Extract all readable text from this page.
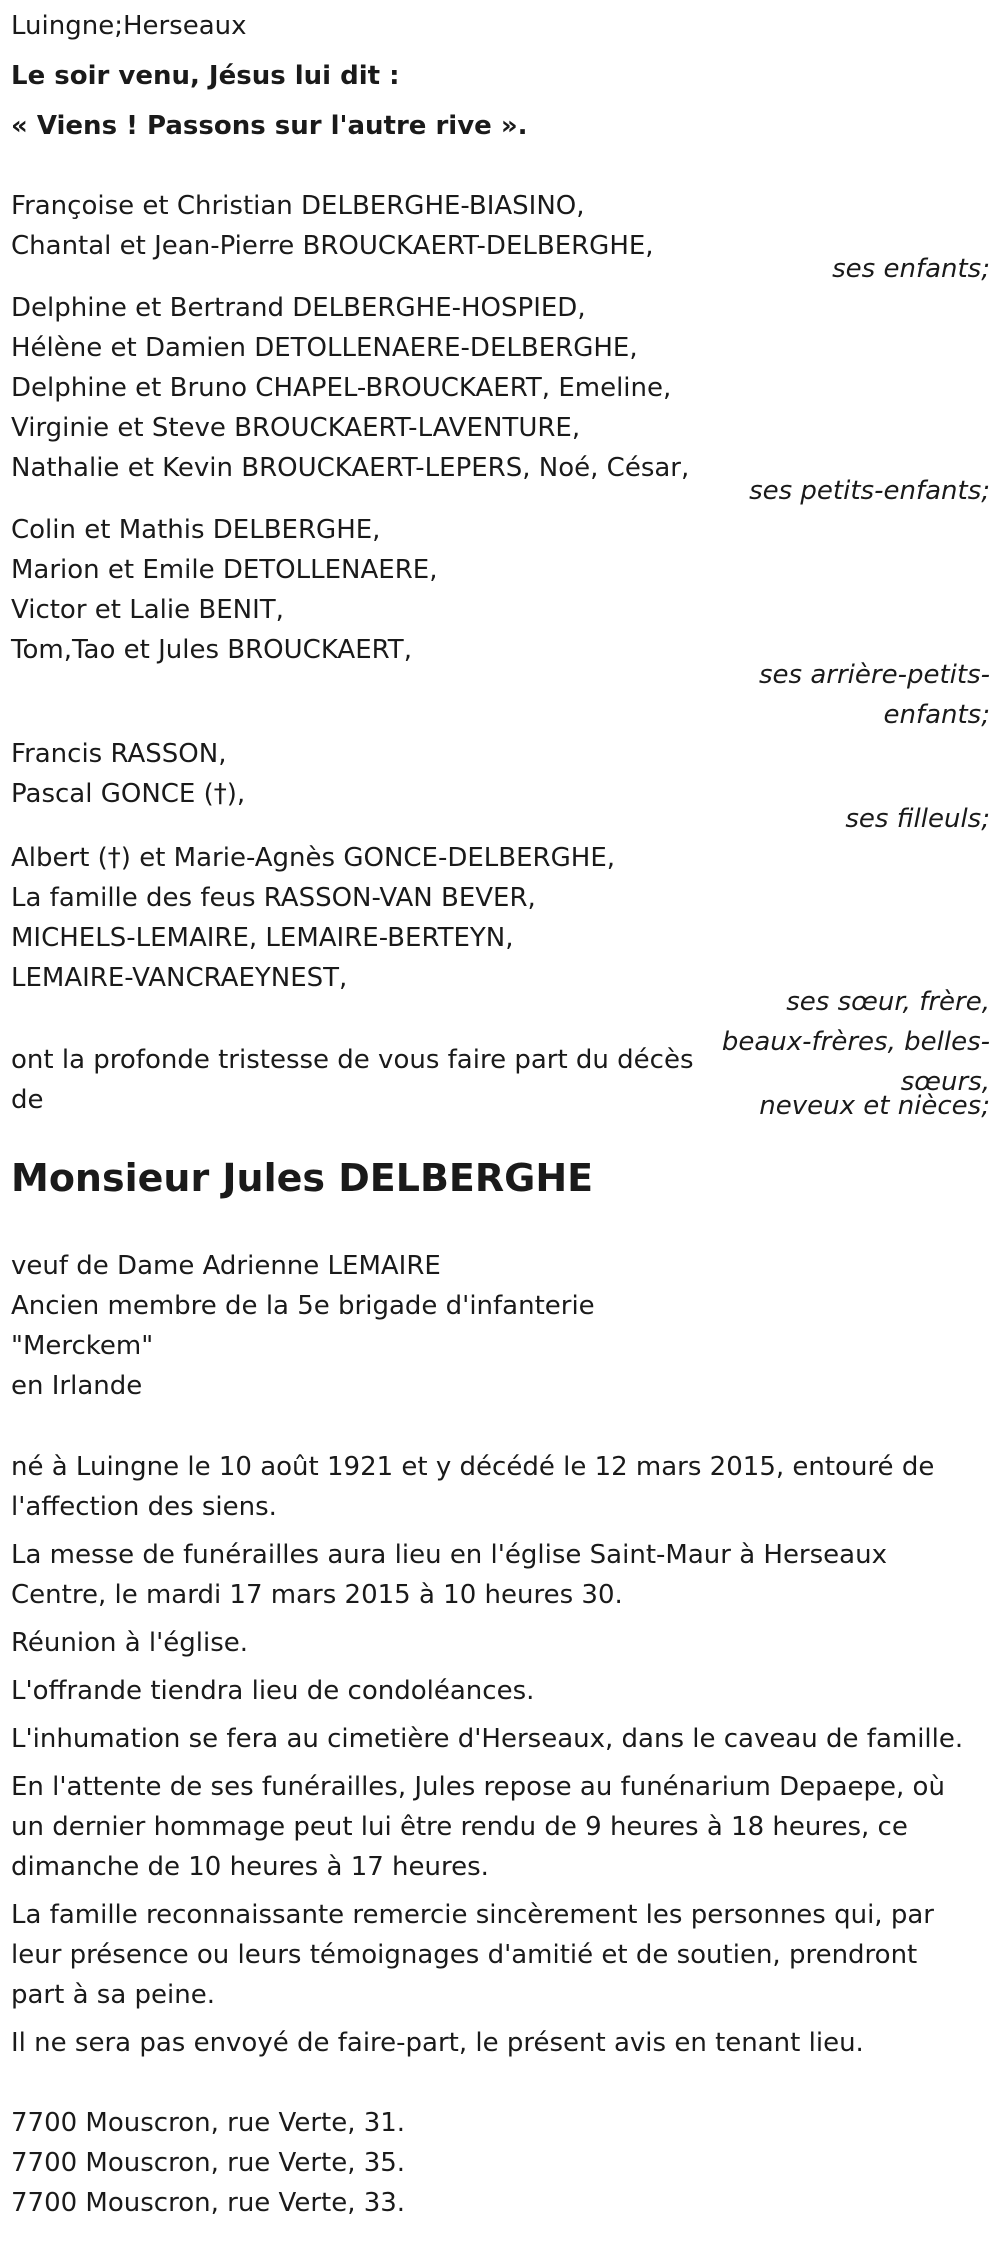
Luingne;Herseaux
Le soir venu, Jésus lui dit :
« Viens ! Passons sur l'autre rive ».
Françoise et Christian DELBERGHE-BIASINO,
Chantal et Jean-Pierre BROUCKAERT-DELBERGHE,
ses enfants;
Delphine et Bertrand DELBERGHE-HOSPIED,
Hélène et Damien DETOLLENAERE-DELBERGHE,
Delphine et Bruno CHAPEL-BROUCKAERT, Emeline,
Virginie et Steve BROUCKAERT-LAVENTURE,
Nathalie et Kevin BROUCKAERT-LEPERS, Noé, César,
ses petits-enfants;
Colin et Mathis DELBERGHE,
Marion et Emile DETOLLENAERE,
Victor et Lalie BENIT,
Tom,Tao et Jules BROUCKAERT,
ses arrière-petits-
enfants;
Francis RASSON,
Pascal GONCE (†),
ses filleuls;
Albert (†) et Marie-Agnès GONCE-DELBERGHE,
La famille des feus RASSON-VAN BEVER,
MICHELS-LEMAIRE, LEMAIRE-BERTEYN,
LEMAIRE-VANCRAEYNEST,
ses sœur, frère,
beaux-frères, belles-
sœurs,
neveux et nièces;
ont la profonde tristesse de vous faire part du décès
de
Monsieur Jules DELBERGHE
veuf de Dame Adrienne LEMAIRE
Ancien membre de la 5e brigade d'infanterie
"Merckem"
en Irlande
né à Luingne le 10 août 1921 et y décédé le 12 mars 2015, entouré de
l'affection des siens.
La messe de funérailles aura lieu en l'église Saint-Maur à Herseaux
Centre, le mardi 17 mars 2015 à 10 heures 30.
Réunion à l'église.
L'offrande tiendra lieu de condoléances.
L'inhumation se fera au cimetière d'Herseaux, dans le caveau de famille.
En l'attente de ses funérailles, Jules repose au funénarium Depaepe, où
un dernier hommage peut lui être rendu de 9 heures à 18 heures, ce
dimanche de 10 heures à 17 heures.
La famille reconnaissante remercie sincèrement les personnes qui, par
leur présence ou leurs témoignages d'amitié et de soutien, prendront
part à sa peine.
Il ne sera pas envoyé de faire-part, le présent avis en tenant lieu.
7700 Mouscron, rue Verte, 31.
7700 Mouscron, rue Verte, 35.
7700 Mouscron, rue Verte, 33.
